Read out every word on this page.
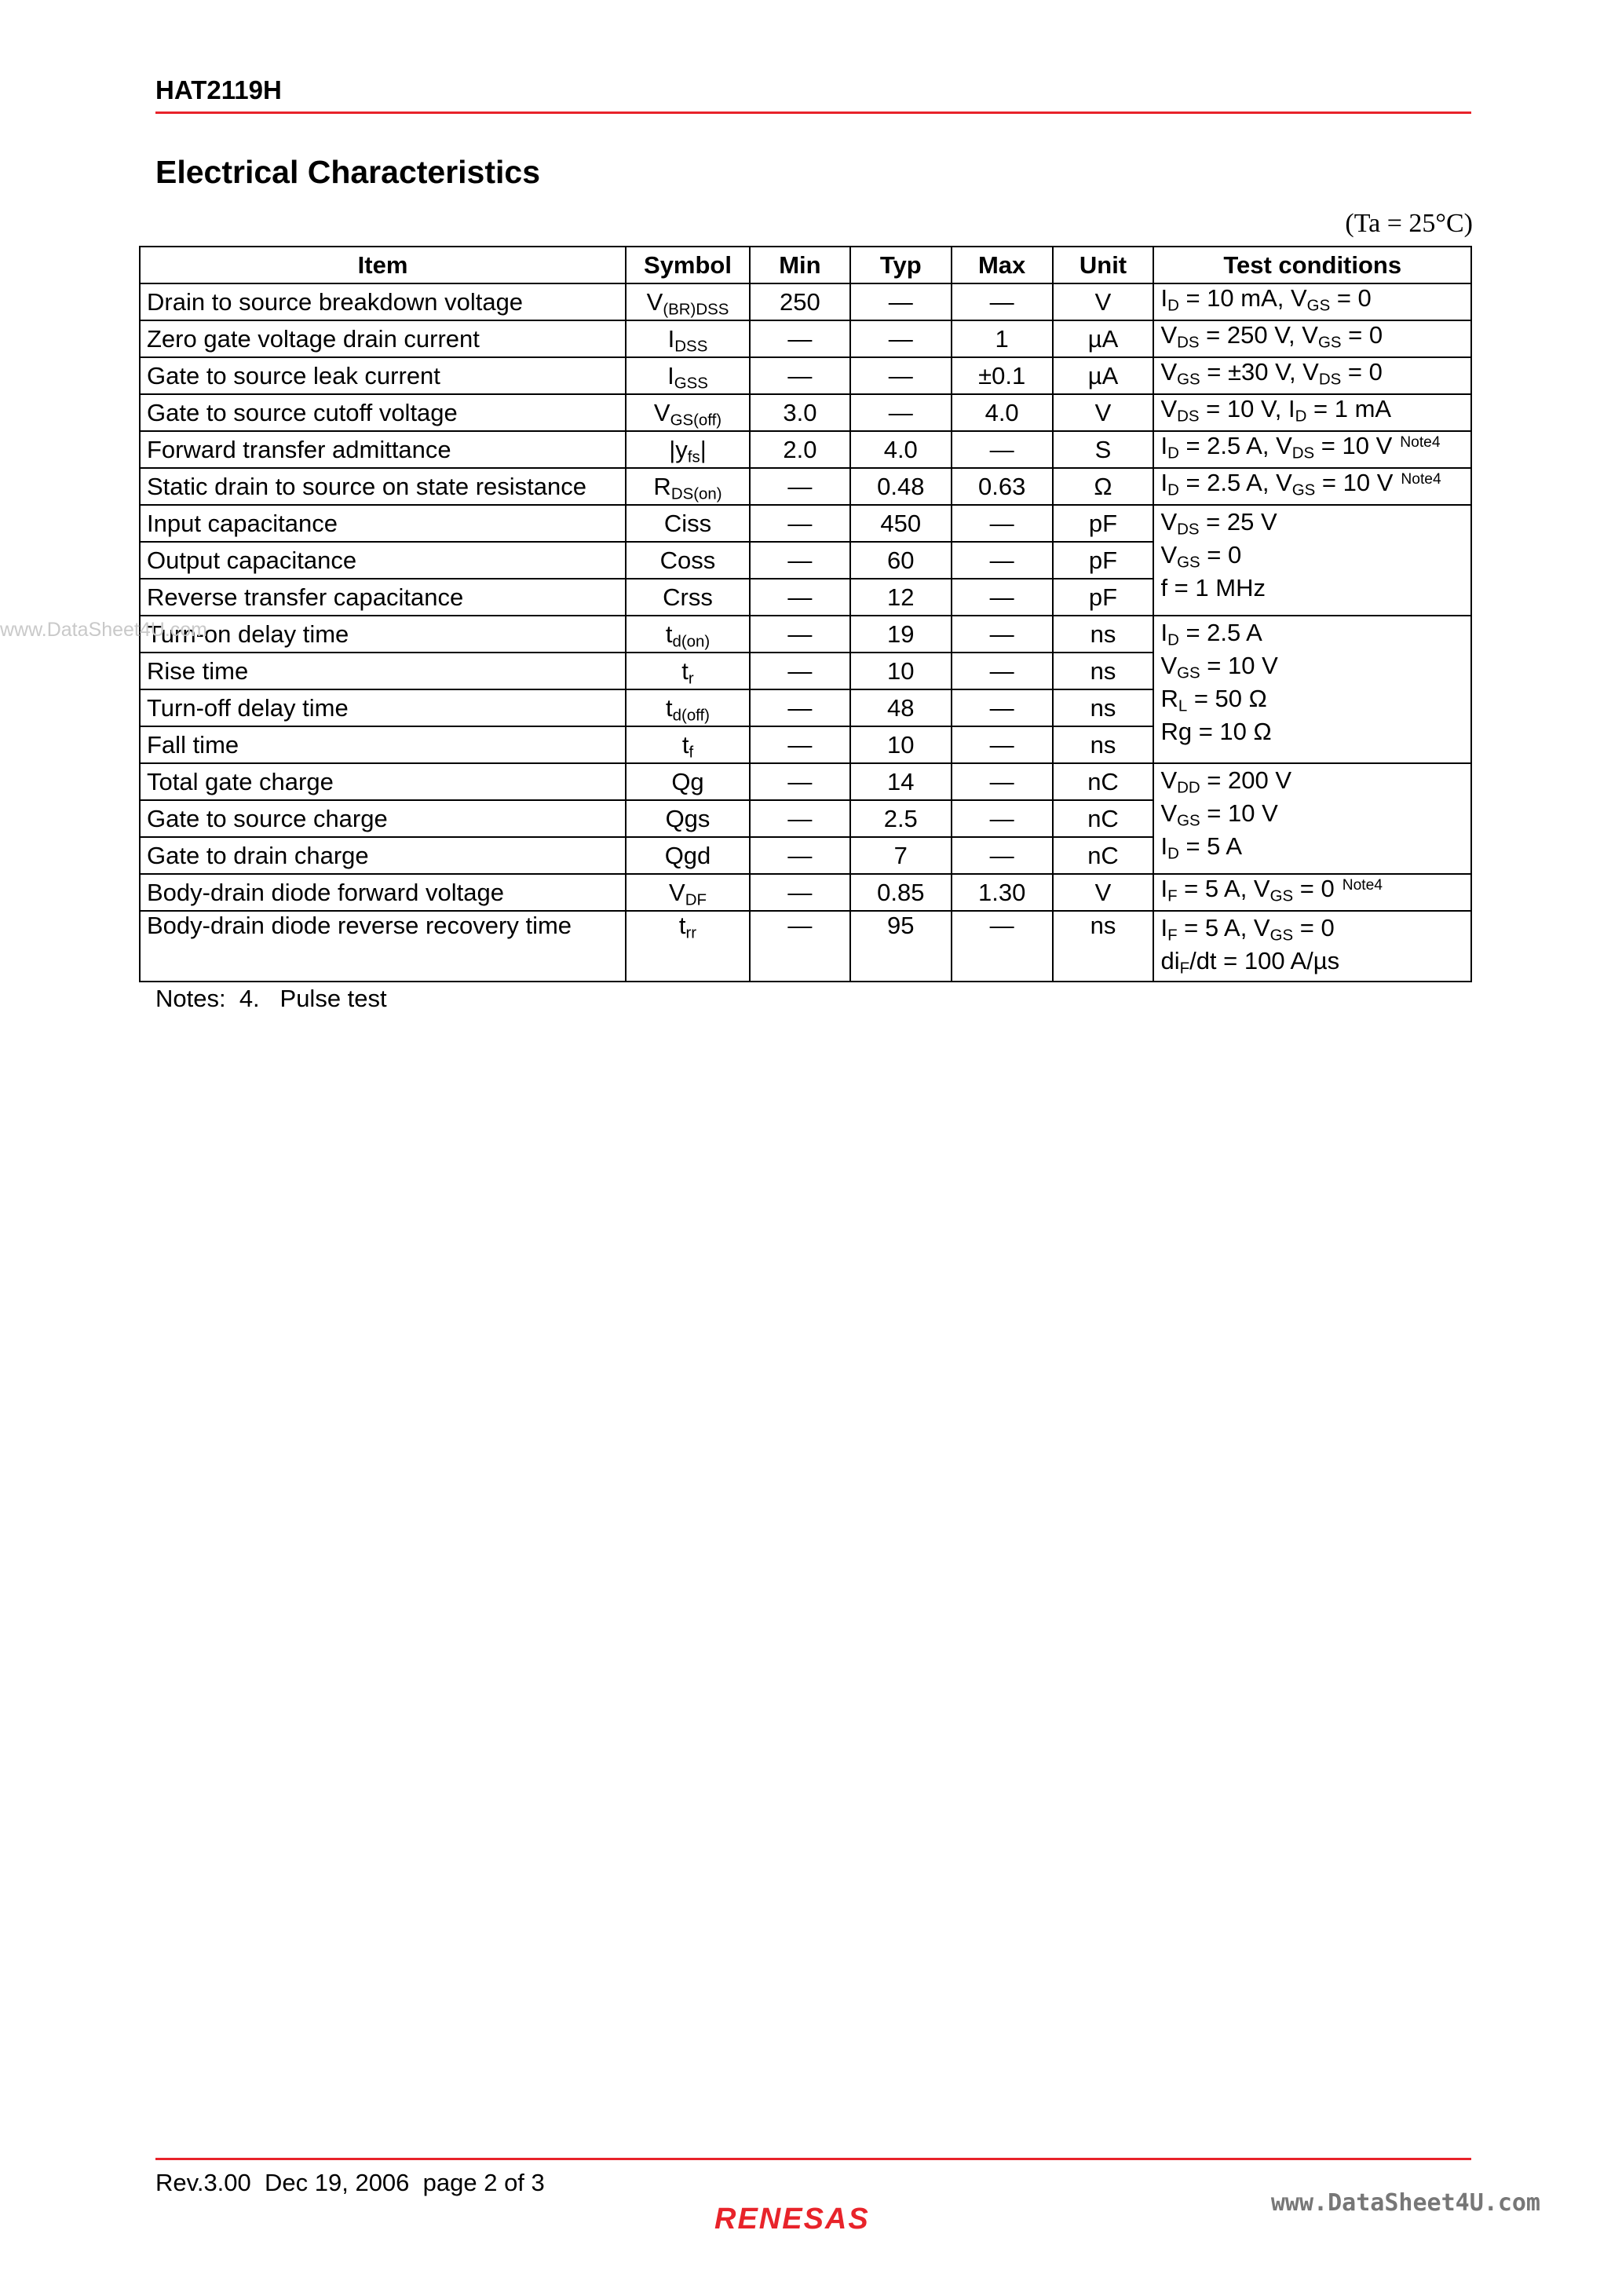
HAT2119H
Electrical Characteristics
(Ta = 25°C)
Item	Symbol	Min	Typ	Max	Unit	Test conditions
Drain to source breakdown voltage	$V_{(BR)DSS}$	250	—	—	V	$I_D = 10$ mA, $V_{GS} = 0$
Zero gate voltage drain current	$I_{DSS}$	—	—	1	µA	$V_{DS} = 250$ V, $V_{GS} = 0$
Gate to source leak current	$I_{GSS}$	—	—	±0.1	µA	$V_{GS} = \pm 30$ V, $V_{DS} = 0$
Gate to source cutoff voltage	$V_{GS(off)}$	3.0	—	4.0	V	$V_{DS} = 10$ V, $I_D = 1$ mA
Forward transfer admittance	$|y_{fs}|$	2.0	4.0	—	S	$I_D = 2.5$ A, $V_{DS} = 10$ V $^{Note4}$
Static drain to source on state resistance	$R_{DS(on)}$	—	0.48	0.63	Ω	$I_D = 2.5$ A, $V_{GS} = 10$ V $^{Note4}$
Input capacitance	Ciss	—	450	—	pF	$V_{DS} = 25$ V
$V_{GS} = 0$
f = 1 MHz

Output capacitance	Coss	—	60	—	pF	
Reverse transfer capacitance	Crss	—	12	—	pF	
Turn-on delay time	$t_{d(on)}$	—	19	—	ns	$I_D = 2.5$ A
$V_{GS} = 10$ V
$R_L = 50$ Ω
Rg = 10 Ω

Rise time	$t_r$	—	10	—	ns	
Turn-off delay time	$t_{d(off)}$	—	48	—	ns	
Fall time	$t_f$	—	10	—	ns	
Total gate charge	Qg	—	14	—	nC	$V_{DD} = 200$ V
$V_{GS} = 10$ V
$I_D = 5$ A

Gate to source charge	Qgs	—	2.5	—	nC	
Gate to drain charge	Qgd	—	7	—	nC	
Body-drain diode forward voltage	$V_{DF}$	—	0.85	1.30	V	$I_F = 5$ A, $V_{GS} = 0$ $^{Note4}$
Body-drain diode reverse recovery time	$t_{rr}$	—	95	—	ns	$I_F = 5$ A, $V_{GS} = 0$
$di_F/dt = 100$ A/µs
Notes:  4.   Pulse test
www.DataSheet4U.com
Rev.3.00  Dec 19, 2006  page 2 of 3
RENESAS	www.DataSheet4U.com
